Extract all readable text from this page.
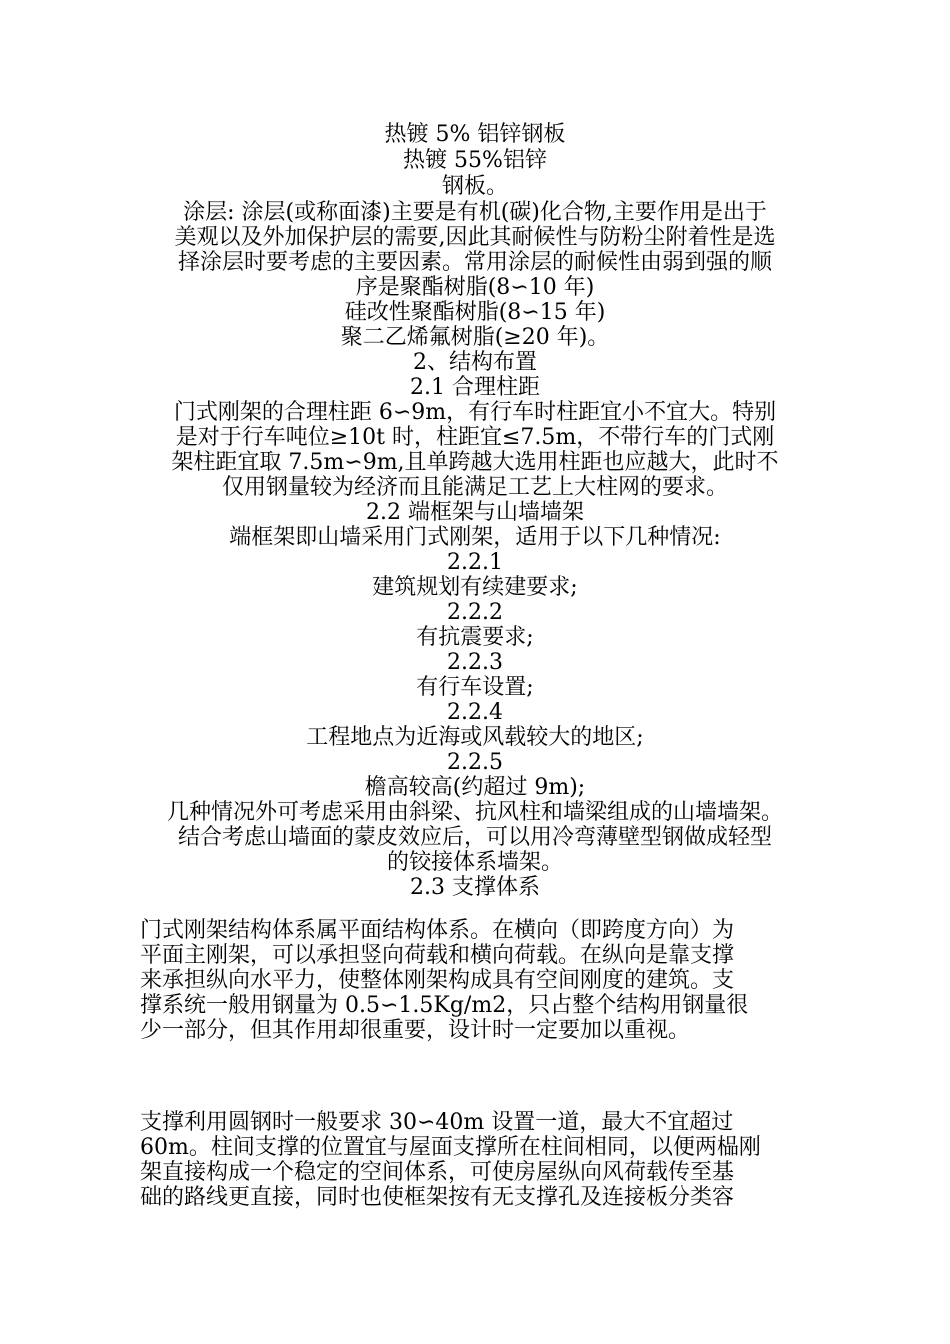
热镀 5% 铝锌钢板
热镀 55%铝锌
钢板。
涂层: 涂层(或称面漆)主要是有机(碳)化合物,主要作用是出于
美观以及外加保护层的需要,因此其耐候性与防粉尘附着性是选
择涂层时要考虑的主要因素。常用涂层的耐候性由弱到强的顺
序是聚酯树脂(8∽10 年)
硅改性聚酯树脂(8∽15 年)
聚二乙烯氟树脂(≥20 年)。
2、结构布置
2.1 合理柱距
门式刚架的合理柱距 6∽9m，有行车时柱距宜小不宜大。特别
是对于行车吨位≥10t 时，柱距宜≤7.5m，不带行车的门式刚
架柱距宜取 7.5m∽9m,且单跨越大选用柱距也应越大，此时不
仅用钢量较为经济而且能满足工艺上大柱网的要求。
2.2 端框架与山墙墙架
端框架即山墙采用门式刚架，适用于以下几种情况:
2.2.1
建筑规划有续建要求;
2.2.2
有抗震要求;
2.2.3
有行车设置;
2.2.4
工程地点为近海或风载较大的地区;
2.2.5
檐高较高(约超过 9m);
几种情况外可考虑采用由斜梁、抗风柱和墙梁组成的山墙墙架。
结合考虑山墙面的蒙皮效应后，可以用冷弯薄壁型钢做成轻型
的铰接体系墙架。
2.3 支撑体系
门式刚架结构体系属平面结构体系。在横向（即跨度方向）为
平面主刚架，可以承担竖向荷载和横向荷载。在纵向是靠支撑
来承担纵向水平力，使整体刚架构成具有空间刚度的建筑。支
撑系统一般用钢量为 0.5∽1.5Kg/m2，只占整个结构用钢量很
少一部分，但其作用却很重要，设计时一定要加以重视。
支撑利用圆钢时一般要求 30∽40m 设置一道，最大不宜超过
60m。柱间支撑的位置宜与屋面支撑所在柱间相同，以便两榀刚
架直接构成一个稳定的空间体系，可使房屋纵向风荷载传至基
础的路线更直接，同时也使框架按有无支撑孔及连接板分类容
